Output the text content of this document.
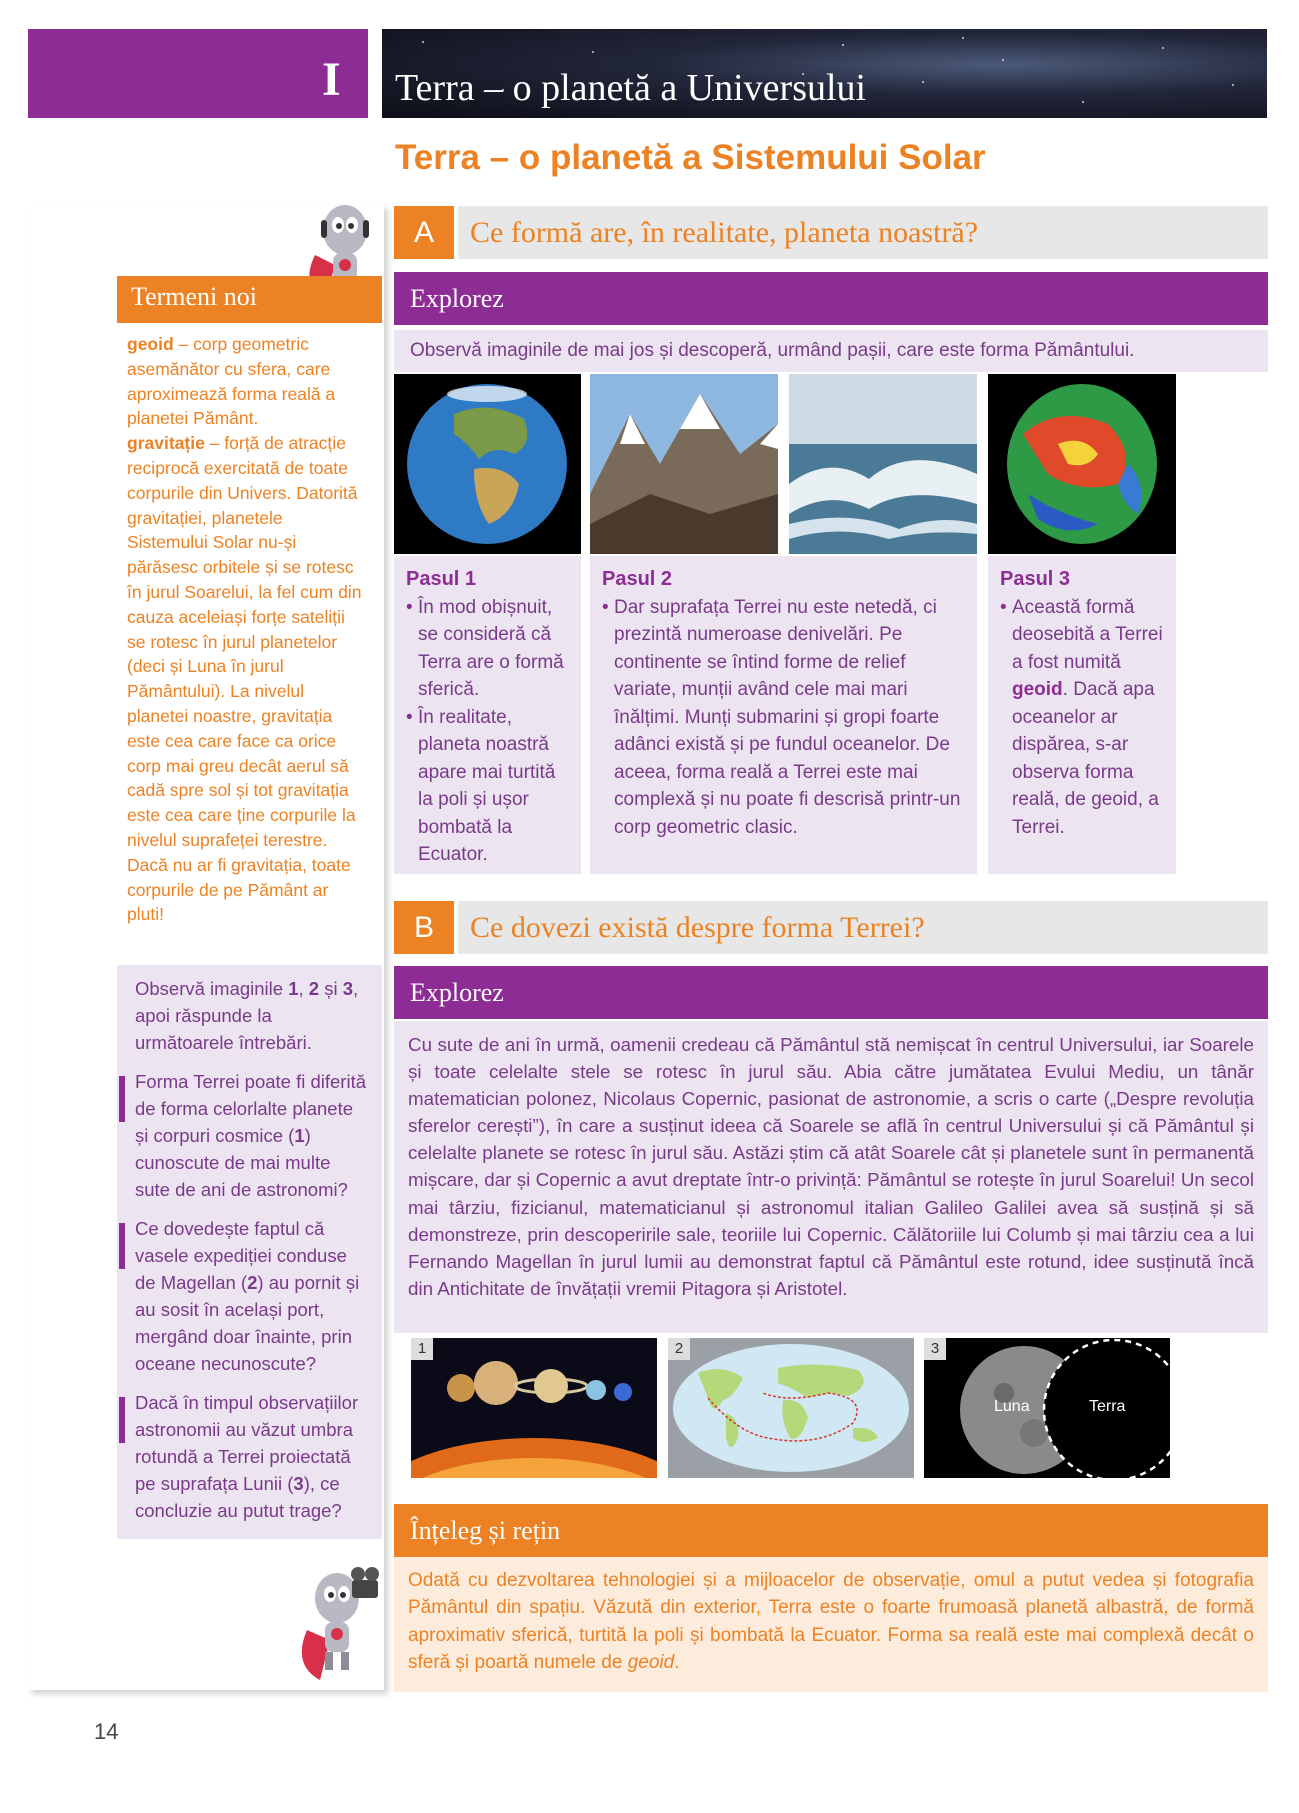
I Terra – o planetă a Universului
Terra – o planetă a Sistemului Solar
Termeni noi
geoid – corp geometric asemănător cu sfera, care aproximează forma reală a planetei Pământ.
gravitație – forță de atracție reciprocă exercitată de toate corpurile din Univers. Datorită gravitației, planetele Sistemului Solar nu-și părăsesc orbitele și se rotesc în jurul Soarelui, la fel cum din cauza aceleiași forțe sateliții se rotesc în jurul planetelor (deci și Luna în jurul Pământului). La nivelul planetei noastre, gravitația este cea care face ca orice corp mai greu decât aerul să cadă spre sol și tot gravitația este cea care ține corpurile la nivelul suprafeței terestre. Dacă nu ar fi gravitația, toate corpurile de pe Pământ ar pluti!
Observă imaginile 1, 2 și 3, apoi răspunde la următoarele întrebări.
Forma Terrei poate fi diferită de forma celorlalte planete și corpuri cosmice (1) cunoscute de mai multe sute de ani de astronomi?
Ce dovedește faptul că vasele expediției conduse de Magellan (2) au pornit și au sosit în același port, mergând doar înainte, prin oceane necunoscute?
Dacă în timpul observațiilor astronomii au văzut umbra rotundă a Terrei proiectată pe suprafața Lunii (3), ce concluzie au putut trage?
A	Ce formă are, în realitate, planeta noastră?
Explorez
Observă imaginile de mai jos și descoperă, urmând pașii, care este forma Pământului.
Pasul 1
• În mod obișnuit, se consideră că Terra are o formă sferică.
• În realitate, planeta noastră apare mai turtită la poli și ușor bombată la Ecuator.
Pasul 2
• Dar suprafața Terrei nu este netedă, ci prezintă numeroase denivelări. Pe continente se întind forme de relief variate, munții având cele mai mari înălțimi. Munți submarini și gropi foarte adânci există și pe fundul oceanelor. De aceea, forma reală a Terrei este mai complexă și nu poate fi descrisă printr-un corp geometric clasic.
Pasul 3
• Această formă deosebită a Terrei a fost numită geoid. Dacă apa oceanelor ar dispărea, s-ar observa forma reală, de geoid, a Terrei.
B	Ce dovezi există despre forma Terrei?
Explorez
Cu sute de ani în urmă, oamenii credeau că Pământul stă nemișcat în centrul Universului, iar Soarele și toate celelalte stele se rotesc în jurul său. Abia către jumătatea Evului Mediu, un tânăr matematician polonez, Nicolaus Copernic, pasionat de astronomie, a scris o carte („Despre revoluția sferelor cerești”), în care a susținut ideea că Soarele se află în centrul Universului și că Pământul și celelalte planete se rotesc în jurul său. Astăzi știm că atât Soarele cât și planetele sunt în permanentă mișcare, dar și Copernic a avut dreptate într-o privință: Pământul se rotește în jurul Soarelui! Un secol mai târziu, fizicianul, matematicianul și astronomul italian Galileo Galilei avea să susțină și să demonstreze, prin descoperirile sale, teoriile lui Copernic. Călătoriile lui Columb și mai târziu cea a lui Fernando Magellan în jurul lumii au demonstrat faptul că Pământul este rotund, idee susținută încă din Antichitate de învățații vremii Pitagora și Aristotel.
1	2	3
Luna	Terra
Înțeleg și rețin
Odată cu dezvoltarea tehnologiei și a mijloacelor de observație, omul a putut vedea și fotografia Pământul din spațiu. Văzută din exterior, Terra este o foarte frumoasă planetă albastră, de formă aproximativ sferică, turtită la poli și bombată la Ecuator. Forma sa reală este mai complexă decât o sferă și poartă numele de geoid.
14
